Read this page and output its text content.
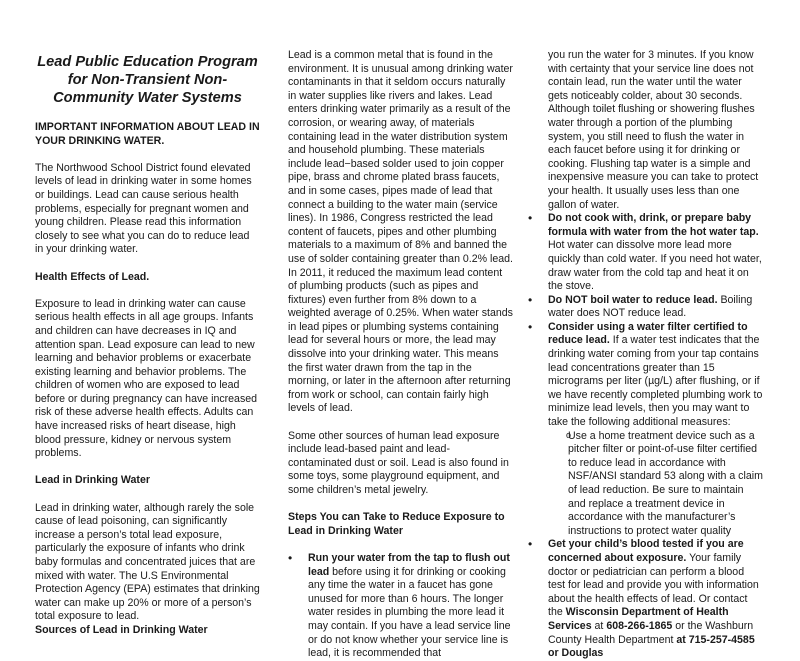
Lead Public Education Program
for Non-Transient Non-
Community Water Systems

IMPORTANT INFORMATION ABOUT LEAD IN YOUR DRINKING WATER.

The Northwood School District found elevated levels of lead in drinking water in some homes or buildings. Lead can cause serious health problems, especially for pregnant women and young children. Please read this information closely to see what you can do to reduce lead in your drinking water.

Health Effects of Lead.

Exposure to lead in drinking water can cause serious health effects in all age groups. Infants and children can have decreases in IQ and attention span. Lead exposure can lead to new learning and behavior problems or exacerbate existing learning and behavior problems. The children of women who are exposed to lead before or during pregnancy can have increased risk of these adverse health effects. Adults can have increased risks of heart disease, high blood pressure, kidney or nervous system problems.

Lead in Drinking Water

Lead in drinking water, although rarely the sole cause of lead poisoning, can significantly increase a person’s total lead exposure, particularly the exposure of infants who drink baby formulas and concentrated juices that are mixed with water. The U.S Environmental Protection Agency (EPA) estimates that drinking water can make up 20% or more of a person’s total exposure to lead.

Sources of Lead in Drinking Water

Lead is a common metal that is found in the environment. It is unusual among drinking water contaminants in that it seldom occurs naturally in water supplies like rivers and lakes. Lead enters drinking water primarily as a result of the corrosion, or wearing away, of materials containing lead in the water distribution system and household plumbing. These materials include lead−based solder used to join copper pipe, brass and chrome plated brass faucets, and in some cases, pipes made of lead that connect a building to the water main (service lines). In 1986, Congress restricted the lead content of faucets, pipes and other plumbing materials to a maximum of 8% and banned the use of solder containing greater than 0.2% lead. In 2011, it reduced the maximum lead content of plumbing products (such as pipes and fixtures) even further from 8% down to a weighted average of 0.25%. When water stands in lead pipes or plumbing systems containing lead for several hours or more, the lead may dissolve into your drinking water. This means the first water drawn from the tap in the morning, or later in the afternoon after returning from work or school, can contain fairly high levels of lead.

Some other sources of human lead exposure include lead-based paint and lead-contaminated dust or soil. Lead is also found in some toys, some playground equipment, and some children’s metal jewelry.

Steps You can Take to Reduce Exposure to Lead in Drinking Water

• Run your water from the tap to flush out lead before using it for drinking or cooking any time the water in a faucet has gone unused for more than 6 hours. The longer water resides in plumbing the more lead it may contain. If you have a lead service line or do not know whether your service line is lead, it is recommended that

you run the water for 3 minutes. If you know with certainty that your service line does not contain lead, run the water until the water gets noticeably colder, about 30 seconds. Although toilet flushing or showering flushes water through a portion of the plumbing system, you still need to flush the water in each faucet before using it for drinking or cooking. Flushing tap water is a simple and inexpensive measure you can take to protect your health. It usually uses less than one gallon of water.

• Do not cook with, drink, or prepare baby formula with water from the hot water tap. Hot water can dissolve more lead more quickly than cold water. If you need hot water, draw water from the cold tap and heat it on the stove.

• Do NOT boil water to reduce lead. Boiling water does NOT reduce lead.

• Consider using a water filter certified to reduce lead. If a water test indicates that the drinking water coming from your tap contains lead concentrations greater than 15 micrograms per liter (µg/L) after flushing, or if we have recently completed plumbing work to minimize lead levels, then you may want to take the following additional measures:

o Use a home treatment device such as a pitcher filter or point-of-use filter certified to reduce lead in accordance with NSF/ANSI standard 53 along with a claim of lead reduction. Be sure to maintain and replace a treatment device in accordance with the manufacturer’s instructions to protect water quality

• Get your child’s blood tested if you are concerned about exposure. Your family doctor or pediatrician can perform a blood test for lead and provide you with information about the health effects of lead. Or contact the Wisconsin Department of Health Services at 608-266-1865 or the Washburn County Health Department at 715-257-4585 or Douglas
